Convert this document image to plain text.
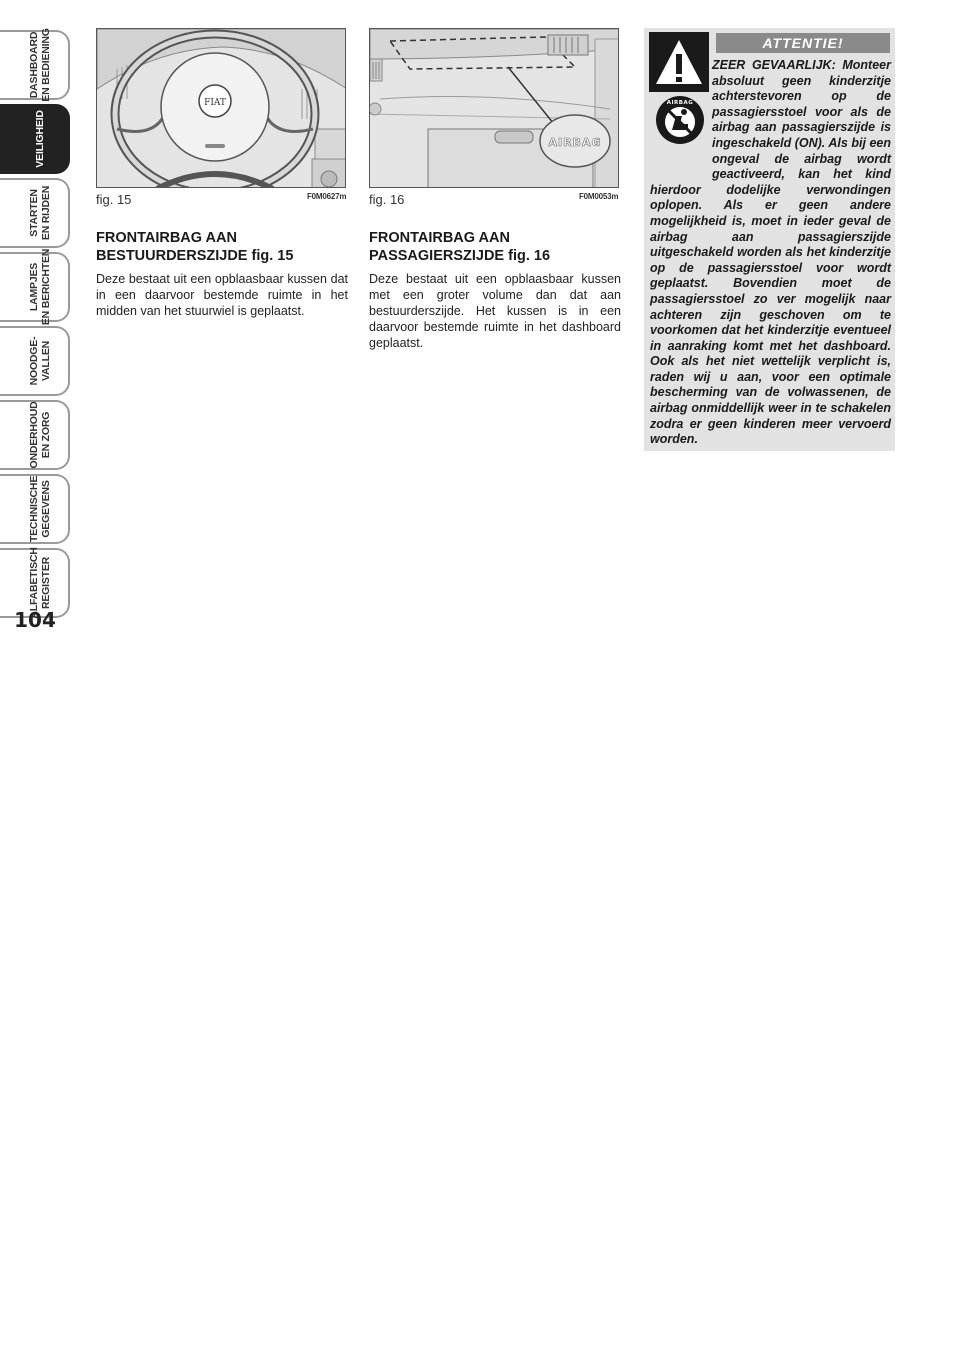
DASHBOARD
EN BEDIENING
VEILIGHEID
STARTEN
EN RIJDEN
LAMPJES
EN BERICHTEN
NOODGE-
VALLEN
ONDERHOUD
EN ZORG
TECHNISCHE
GEGEVENS
ALFABETISCH
REGISTER
104
FIAT
fig. 15	F0M0627m
AIRBAG
fig. 16	F0M0053m
FRONTAIRBAG AAN
BESTUURDERSZIJDE fig. 15

Deze bestaat uit een opblaasbaar kussen dat in een daarvoor bestemde ruimte in het midden van het stuurwiel is geplaatst.

FRONTAIRBAG AAN
PASSAGIERSZIJDE fig. 16

Deze bestaat uit een opblaasbaar kussen met een groter volume dan dat aan bestuurderszijde. Het kussen is in een daarvoor bestemde ruimte in het dashboard geplaatst.

ATTENTIE!
AIRBAG
ZEER GEVAARLIJK: Monteer absoluut geen kinderzitje achterstevoren op de passagiersstoel voor als de airbag aan passagierszijde is ingeschakeld (ON). Als bij een ongeval de airbag wordt geactiveerd, kan het kind hierdoor dodelijke verwondingen oplopen. Als er geen andere mogelijkheid is, moet in ieder geval de airbag aan passagierszijde uitgeschakeld worden als het kinderzitje op de passagiersstoel voor wordt geplaatst. Bovendien moet de passagiersstoel zo ver mogelijk naar achteren zijn geschoven om te voorkomen dat het kinderzitje eventueel in aanraking komt met het dashboard. Ook als het niet wettelijk verplicht is, raden wij u aan, voor een optimale bescherming van de volwassenen, de airbag onmiddellijk weer in te schakelen zodra er geen kinderen meer vervoerd worden.
